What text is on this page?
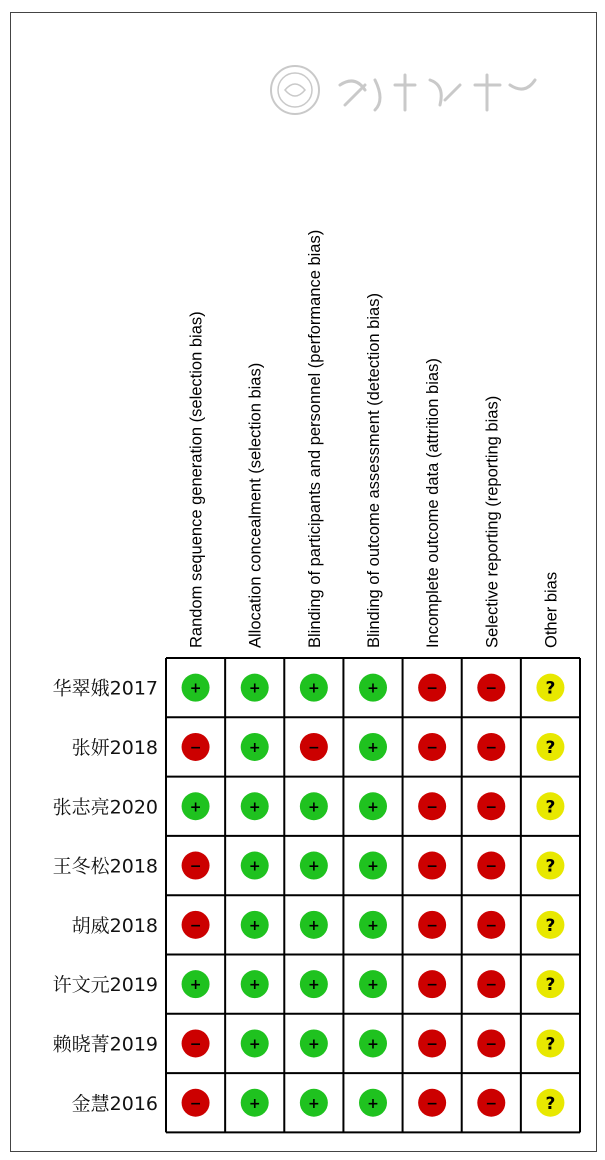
Random sequence generation (selection bias) Allocation concealment (selection bias) Blinding of participants and personnel (performance bias) Blinding of outcome assessment (detection bias) Incomplete outcome data (attrition bias) Selective reporting (reporting bias) Other bias
华翠娥2017 +	+	+	+	−	−	?
张妍2018 −	+	−	+	−	−	?
张志亮2020 +	+	+	+	−	−	?
王冬松2018 −	+	+	+	−	−	?
胡威2018 −	+	+	+	−	−	?
许文元2019 +	+	+	+	−	−	?
赖晓菁2019 −	+	+	+	−	−	?
金慧2016 −	+	+	+	−	−	?
